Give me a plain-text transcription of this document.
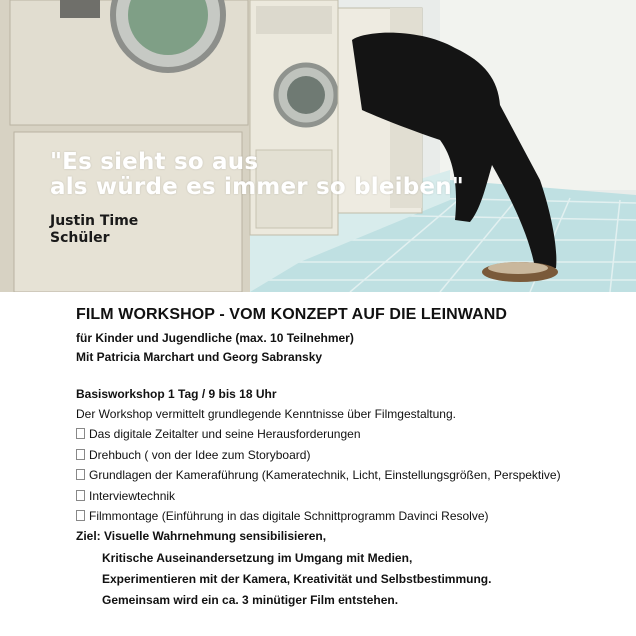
"Es sieht so aus
als würde es immer so bleiben"
Justin Time
Schüler
FILM WORKSHOP - VOM KONZEPT AUF DIE LEINWAND
für Kinder und Jugendliche (max. 10 Teilnehmer)
Mit Patricia Marchart und Georg Sabransky
Basisworkshop 1 Tag / 9 bis 18 Uhr
Der Workshop vermittelt grundlegende Kenntnisse über Filmgestaltung.
Das digitale Zeitalter und seine Herausforderungen
Drehbuch ( von der Idee zum Storyboard)
Grundlagen der Kameraführung (Kameratechnik, Licht, Einstellungsgrößen, Perspektive)
Interviewtechnik
Filmmontage (Einführung in das digitale Schnittprogramm Davinci Resolve)
Ziel: Visuelle Wahrnehmung sensibilisieren,
Kritische Auseinandersetzung im Umgang mit Medien,
Experimentieren mit der Kamera, Kreativität und Selbstbestimmung.
Gemeinsam wird ein ca. 3 minütiger Film entstehen.
